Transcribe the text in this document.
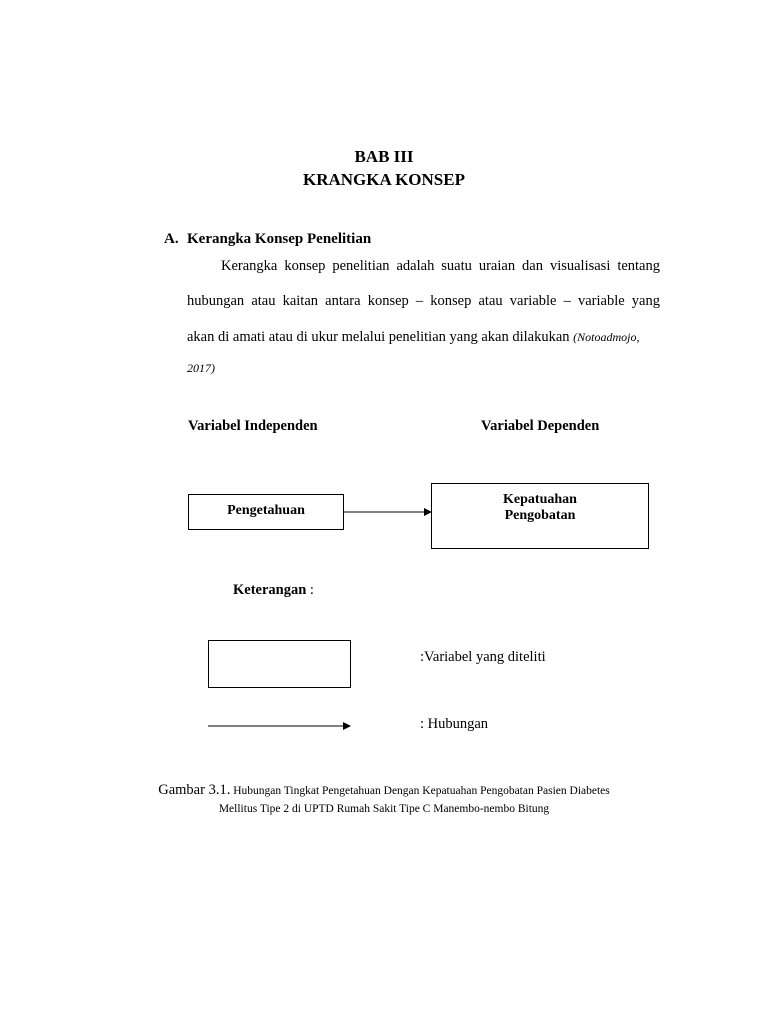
BAB III
KRANGKA KONSEP
A. Kerangka Konsep Penelitian
Kerangka konsep penelitian adalah suatu uraian dan visualisasi tentang
hubungan atau kaitan antara konsep – konsep atau variable – variable yang
akan di amati atau di ukur melalui penelitian yang akan dilakukan (Notoadmojo,
2017)
Variabel Independen	Variabel Dependen
Pengetahuan
Kepatuahan
Pengobatan
Keterangan :
:Variabel yang diteliti
: Hubungan
Gambar 3.1. Hubungan Tingkat Pengetahuan Dengan Kepatuahan Pengobatan Pasien Diabetes
Mellitus Tipe 2 di UPTD Rumah Sakit Tipe C Manembo-nembo Bitung
